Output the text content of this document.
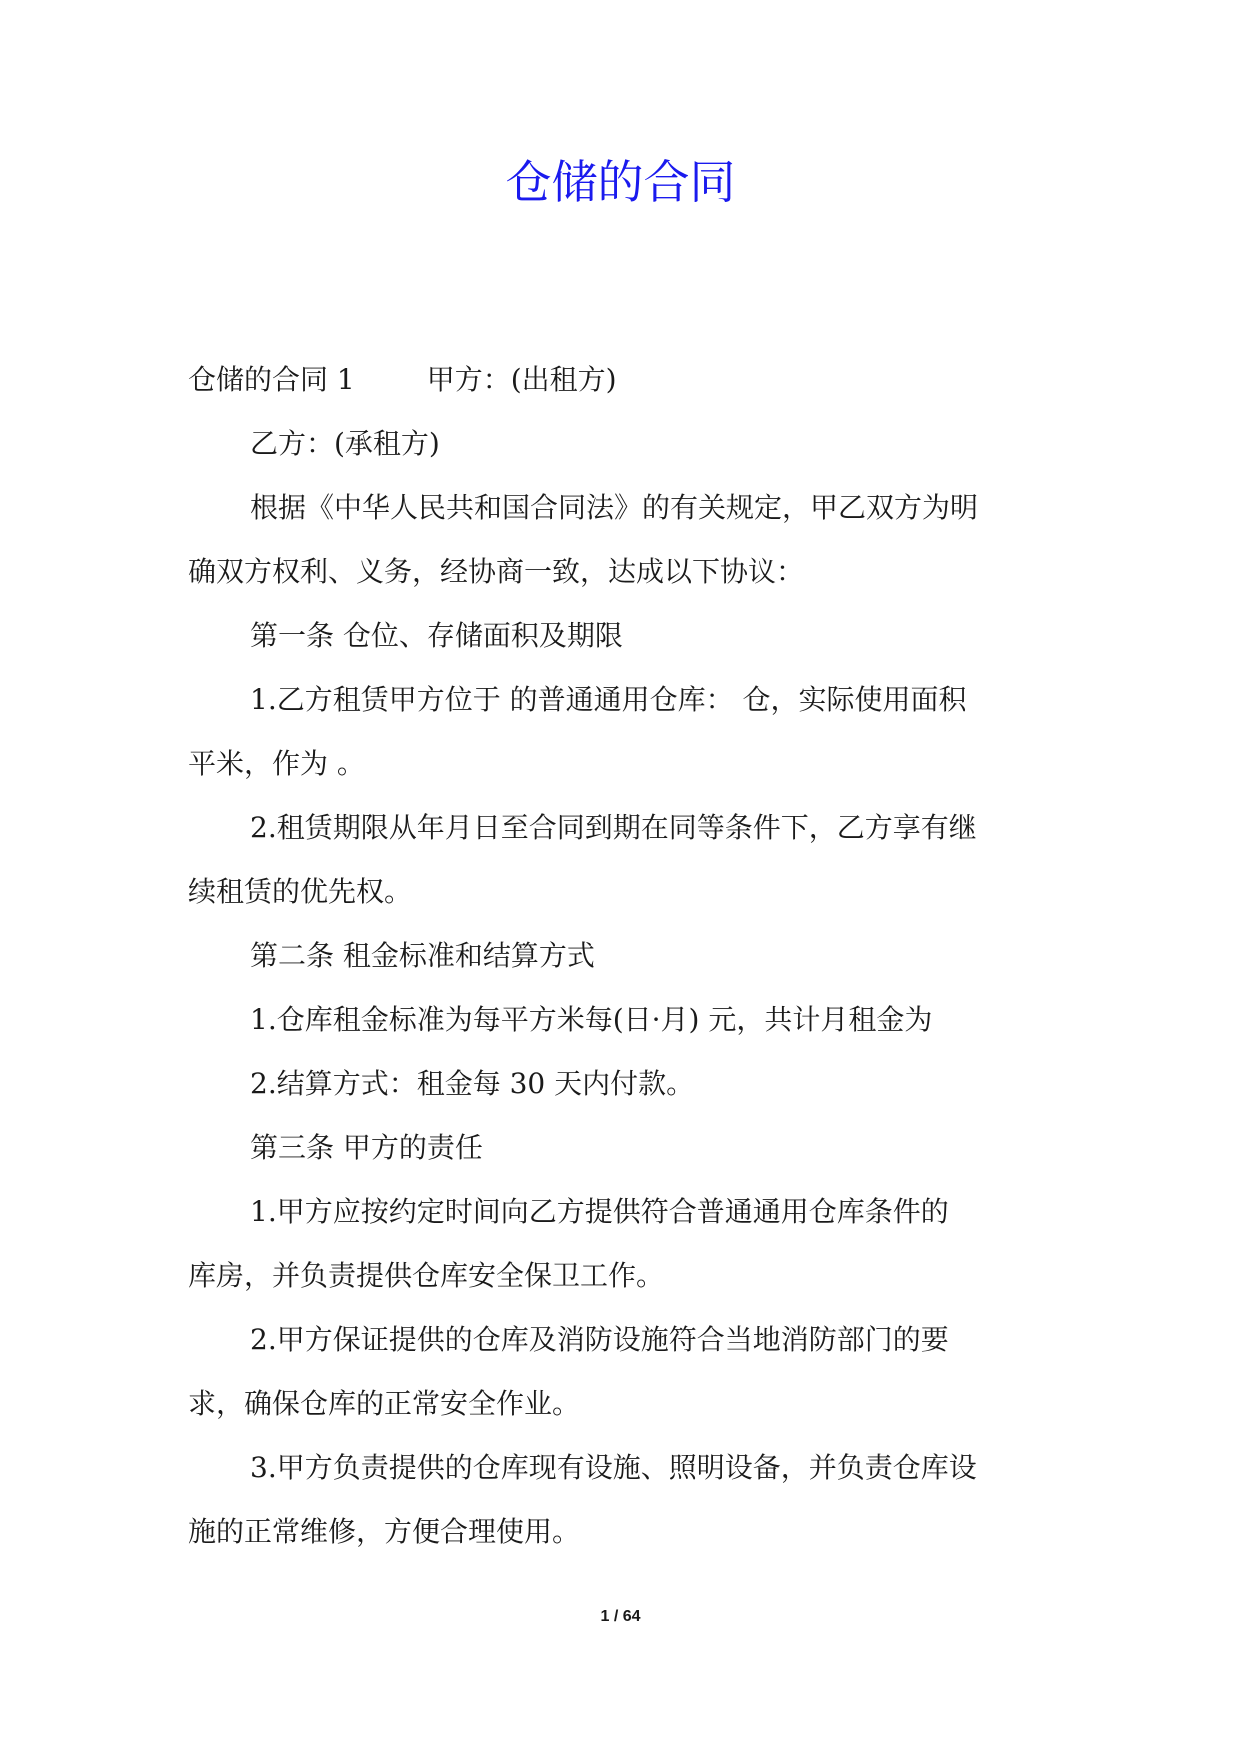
仓储的合同
仓储的合同 1	甲方：(出租方)
乙方：(承租方)
根据《中华人民共和国合同法》的有关规定，甲乙双方为明
确双方权利、义务，经协商一致，达成以下协议：
第一条 仓位、存储面积及期限
1.乙方租赁甲方位于 的普通通用仓库： 仓，实际使用面积
平米，作为 。
2.租赁期限从年月日至合同到期在同等条件下，乙方享有继
续租赁的优先权。
第二条 租金标准和结算方式
1.仓库租金标准为每平方米每(日·月) 元，共计月租金为
2.结算方式：租金每 30 天内付款。
第三条 甲方的责任
1.甲方应按约定时间向乙方提供符合普通通用仓库条件的
库房，并负责提供仓库安全保卫工作。
2.甲方保证提供的仓库及消防设施符合当地消防部门的要
求，确保仓库的正常安全作业。
3.甲方负责提供的仓库现有设施、照明设备，并负责仓库设
施的正常维修，方便合理使用。
1 / 64
